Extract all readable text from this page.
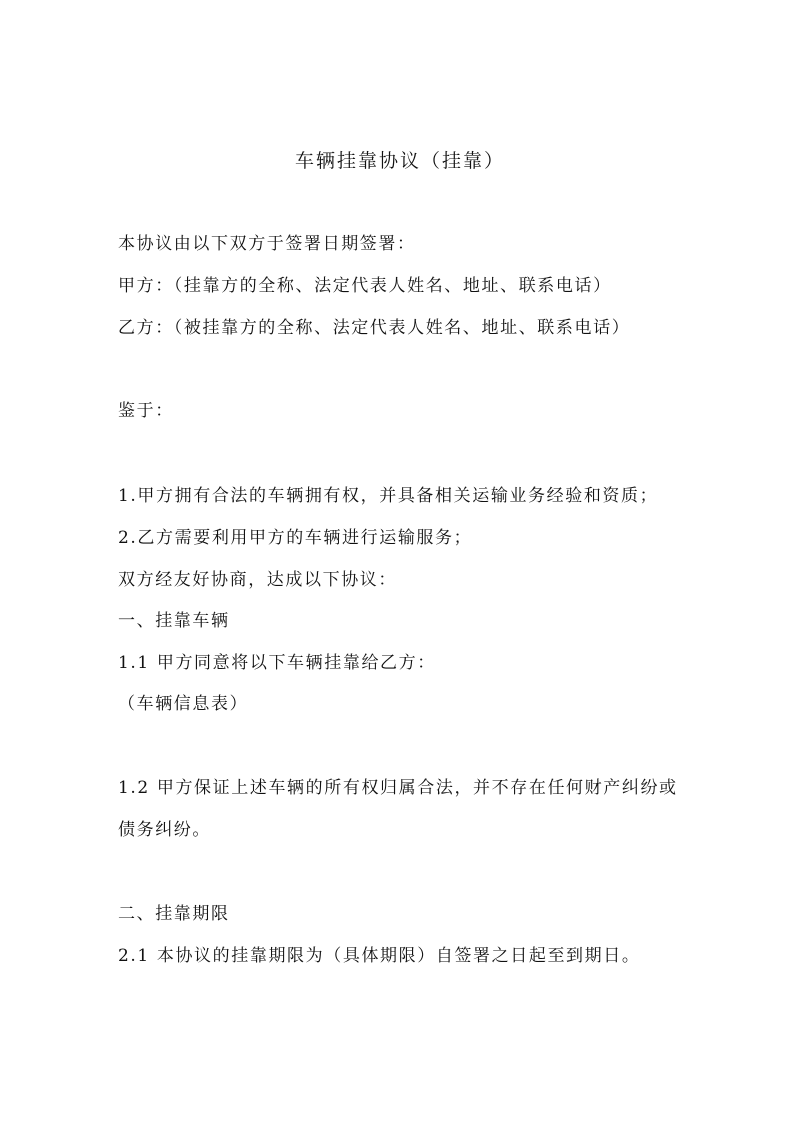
车辆挂靠协议（挂靠）
本协议由以下双方于签署日期签署：
甲方：（挂靠方的全称、法定代表人姓名、地址、联系电话）
乙方：（被挂靠方的全称、法定代表人姓名、地址、联系电话）
鉴于：
1.甲方拥有合法的车辆拥有权，并具备相关运输业务经验和资质；
2.乙方需要利用甲方的车辆进行运输服务；
双方经友好协商，达成以下协议：
一、挂靠车辆
1.1 甲方同意将以下车辆挂靠给乙方：
（车辆信息表）
1.2 甲方保证上述车辆的所有权归属合法，并不存在任何财产纠纷或
债务纠纷。
二、挂靠期限
2.1 本协议的挂靠期限为（具体期限）自签署之日起至到期日。
